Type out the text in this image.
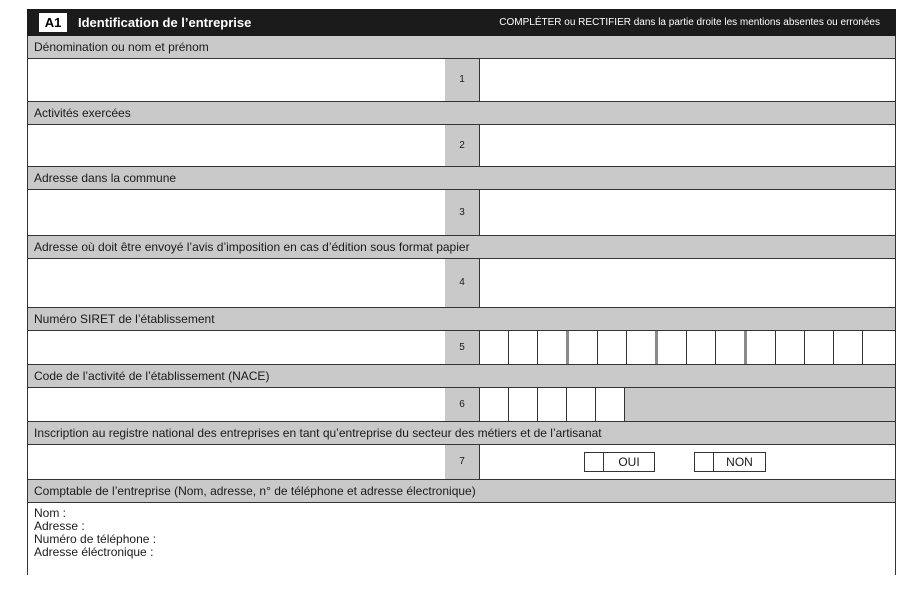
A1	Identification de l’entreprise	COMPLÉTER ou RECTIFIER dans la partie droite les mentions absentes ou erronées
Dénomination ou nom et prénom
1
Activités exercées
2
Adresse dans la commune
3
Adresse où doit être envoyé l’avis d’imposition en cas d’édition sous format papier
4
Numéro SIRET de l’établissement
5
Code de l’activité de l’établissement (NACE)
6
Inscription au registre national des entreprises en tant qu’entreprise du secteur des métiers et de l’artisanat
7	OUI	NON
Comptable de l’entreprise (Nom, adresse, n° de téléphone et adresse électronique)
Nom :
Adresse :
Numéro de téléphone :
Adresse éléctronique :
